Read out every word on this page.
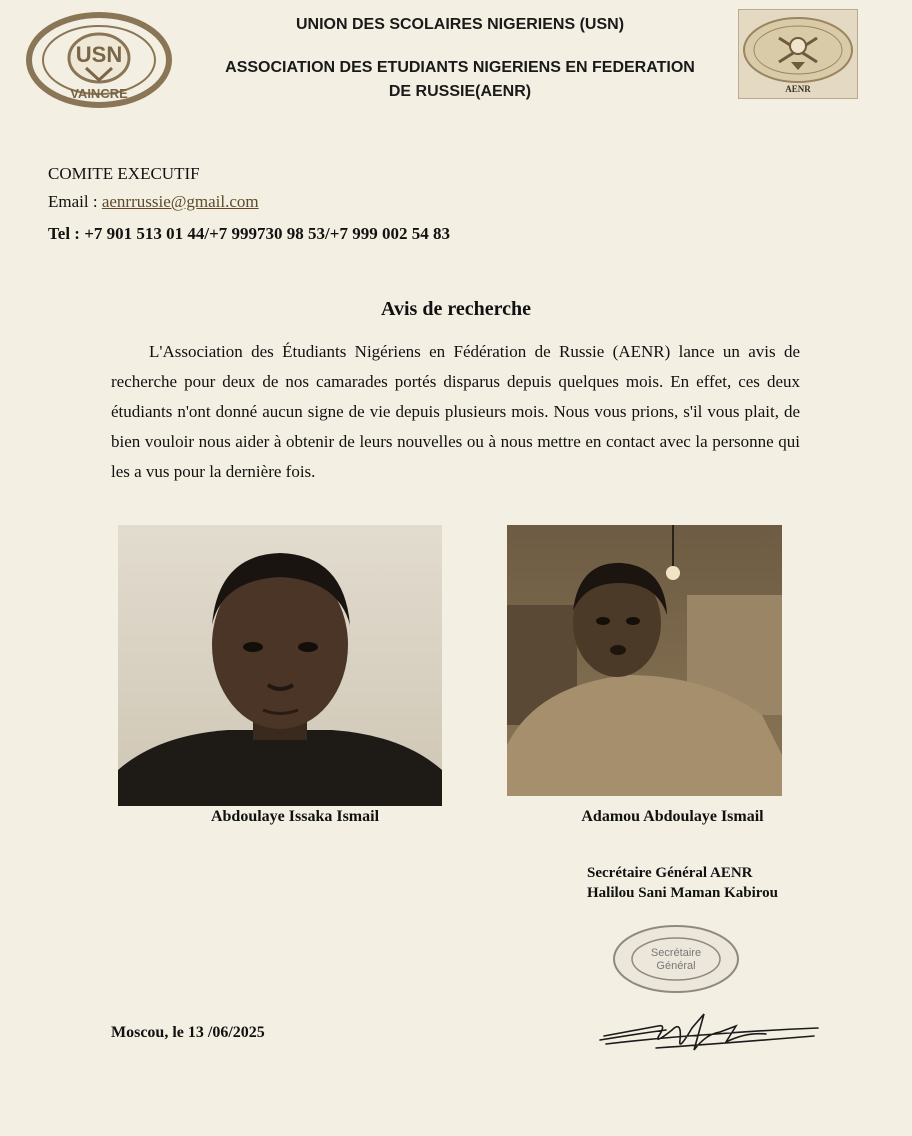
USN
VAINCRE
UNION DES SCOLAIRES NIGERIENS (USN)
ASSOCIATION DES ETUDIANTS NIGERIENS EN FEDERATION
DE RUSSIE(AENR)	AENR
COMITE EXECUTIF
Email : aenrrussie@gmail.com
Tel : +7 901 513 01 44/+7 999730 98 53/+7 999 002 54 83
Avis de recherche
L'Association des Étudiants Nigériens en Fédération de Russie (AENR) lance un avis de recherche pour deux de nos camarades portés disparus depuis quelques mois. En effet, ces deux étudiants n'ont donné aucun signe de vie depuis plusieurs mois. Nous vous prions, s'il vous plait, de bien vouloir nous aider à obtenir de leurs nouvelles ou à nous mettre en contact avec la personne qui les a vus pour la dernière fois.
Abdoulaye Issaka Ismail	Adamou Abdoulaye Ismail
Secrétaire Général AENR
Halilou Sani Maman Kabirou
Secrétaire
Général
Moscou, le 13 /06/2025
